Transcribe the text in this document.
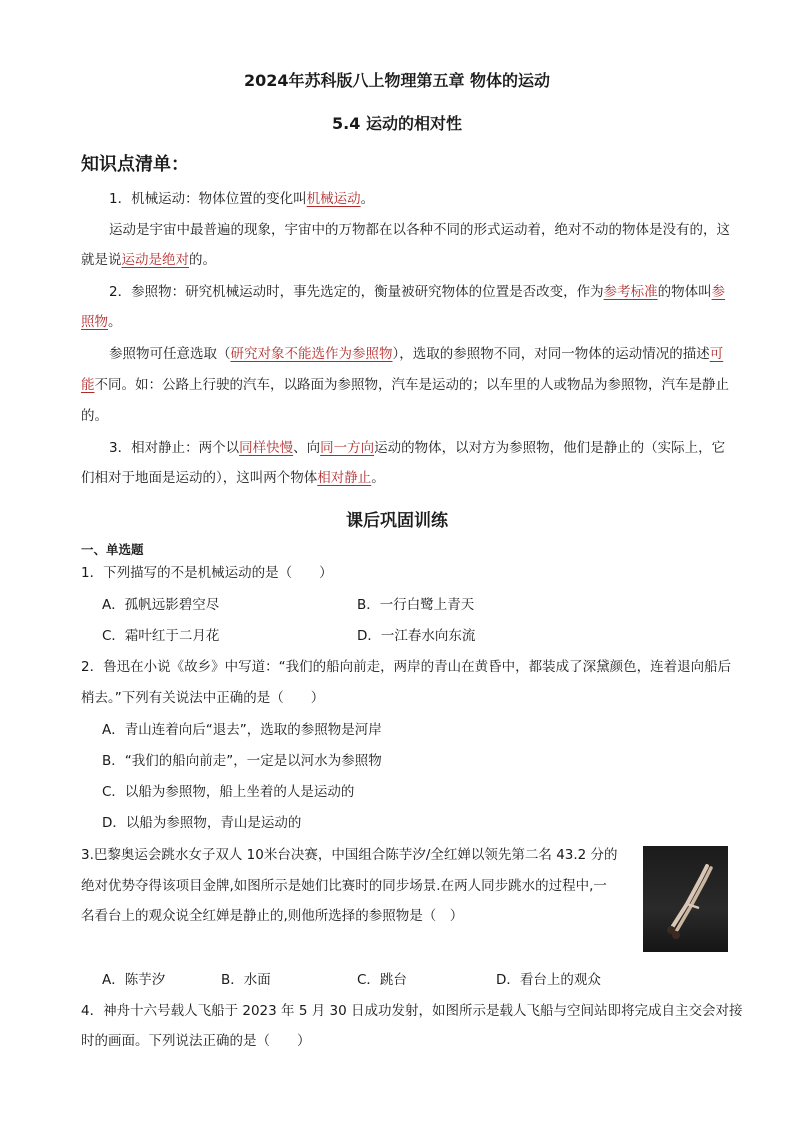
2024年苏科版八上物理第五章 物体的运动
5.4 运动的相对性
知识点清单：
1．机械运动：物体位置的变化叫机械运动。
运动是宇宙中最普遍的现象，宇宙中的万物都在以各种不同的形式运动着，绝对不动的物体是没有的，这
就是说运动是绝对的。
2．参照物：研究机械运动时，事先选定的，衡量被研究物体的位置是否改变，作为参考标准的物体叫参
照物。
参照物可任意选取（研究对象不能选作为参照物），选取的参照物不同，对同一物体的运动情况的描述可
能不同。如：公路上行驶的汽车，以路面为参照物，汽车是运动的；以车里的人或物品为参照物，汽车是静止
的。
3．相对静止：两个以同样快慢、向同一方向运动的物体，以对方为参照物，他们是静止的（实际上，它
们相对于地面是运动的），这叫两个物体相对静止。
课后巩固训练
一、单选题
1．下列描写的不是机械运动的是（　　）
A．孤帆远影碧空尽	B．一行白鹭上青天
C．霜叶红于二月花	D．一江春水向东流
2．鲁迅在小说《故乡》中写道：“我们的船向前走，两岸的青山在黄昏中，都装成了深黛颜色，连着退向船后
梢去。”下列有关说法中正确的是（　　）
A．青山连着向后“退去”，选取的参照物是河岸
B．“我们的船向前走”，一定是以河水为参照物
C．以船为参照物，船上坐着的人是运动的
D．以船为参照物，青山是运动的
3.巴黎奥运会跳水女子双人 10米台决赛，中国组合陈芋汐/全红婵以领先第二名 43.2 分的
绝对优势夺得该项目金牌,如图所示是她们比赛时的同步场景.在两人同步跳水的过程中,一
名看台上的观众说全红婵是静止的,则他所选择的参照物是（　）
A．陈芋汐	B．水面	C．跳台	D．看台上的观众
4．神舟十六号载人飞船于 2023 年 5 月 30 日成功发射，如图所示是载人飞船与空间站即将完成自主交会对接
时的画面。下列说法正确的是（　　）
